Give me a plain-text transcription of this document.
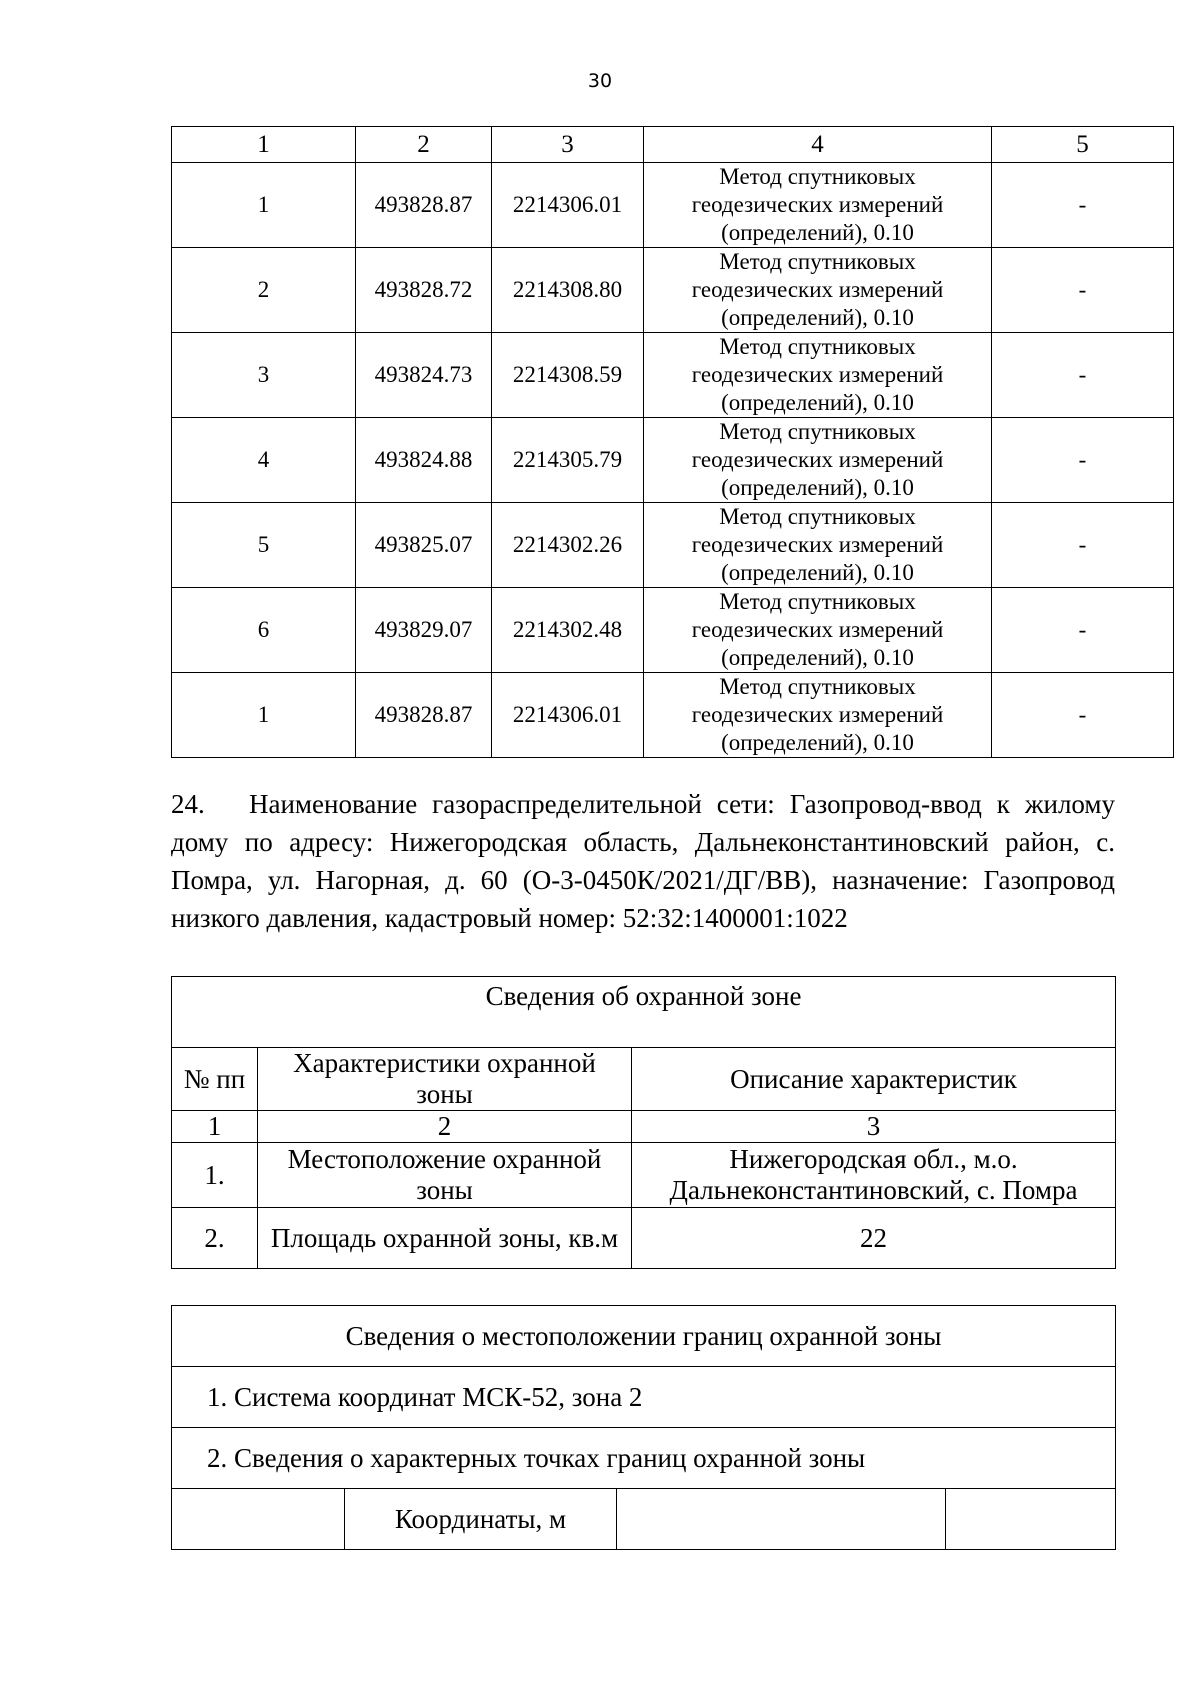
30
1	2	3	4	5
1	493828.87	2214306.01	Метод спутниковых
геодезических измерений
(определений), 0.10	-
2	493828.72	2214308.80	Метод спутниковых
геодезических измерений
(определений), 0.10	-
3	493824.73	2214308.59	Метод спутниковых
геодезических измерений
(определений), 0.10	-
4	493824.88	2214305.79	Метод спутниковых
геодезических измерений
(определений), 0.10	-
5	493825.07	2214302.26	Метод спутниковых
геодезических измерений
(определений), 0.10	-
6	493829.07	2214302.48	Метод спутниковых
геодезических измерений
(определений), 0.10	-
1	493828.87	2214306.01	Метод спутниковых
геодезических измерений
(определений), 0.10	-

24. Наименование газораспределительной сети: Газопровод-ввод к жилому дому по адресу: Нижегородская область, Дальнеконстантиновский район, с. Помра, ул. Нагорная, д. 60 (О-3-0450К/2021/ДГ/ВВ), назначение: Газопровод низкого давления, кадастровый номер: 52:32:1400001:1022

Сведения об охранной зоне		
№ пп	Характеристики охранной зоны	Описание характеристик
1	2	3
1.	Местоположение охранной зоны	Нижегородская обл., м.о.
Дальнеконстантиновский, с. Помра
2.	Площадь охранной зоны, кв.м	22
Сведения о местоположении границ охранной зоны
1. Система координат МСК-52, зона 2
2. Сведения о характерных точках границ охранной зоны
	Координаты, м		
